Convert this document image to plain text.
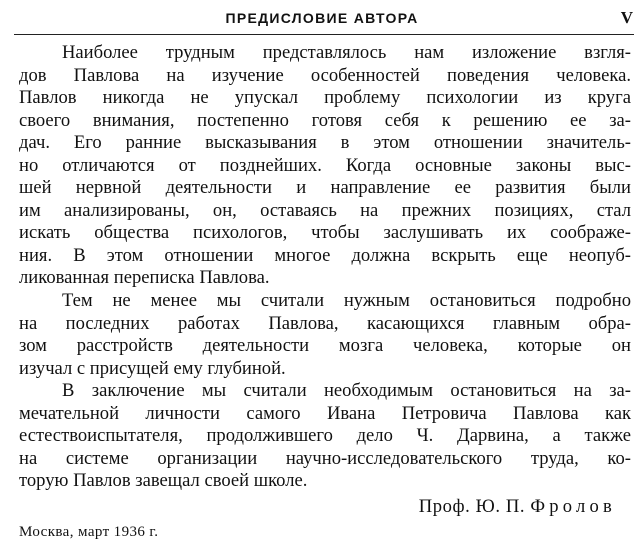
ПРЕДИСЛОВИЕ АВТОРА	V
Наиболее трудным представлялось нам изложение взгля-
дов Павлова на изучение особенностей поведения человека.
Павлов никогда не упускал проблему психологии из круга
своего внимания, постепенно готовя себя к решению ее за-
дач. Его ранние высказывания в этом отношении значитель-
но отличаются от позднейших. Когда основные законы выс-
шей нервной деятельности и направление ее развития были
им анализированы, он, оставаясь на прежних позициях, стал
искать общества психологов, чтобы заслушивать их соображе-
ния. В этом отношении многое должна вскрыть еще неопуб-
ликованная переписка Павлова.
Тем не менее мы считали нужным остановиться подробно
на последних работах Павлова, касающихся главным обра-
зом расстройств деятельности мозга человека, которые он
изучал с присущей ему глубиной.
В заключение мы считали необходимым остановиться на за-
мечательной личности самого Ивана Петровича Павлова как
естествоиспытателя, продолжившего дело Ч. Дарвина, а также
на системе организации научно-исследовательского труда, ко-
торую Павлов завещал своей школе.
Проф. Ю. П. Фролов
Москва, март 1936 г.
